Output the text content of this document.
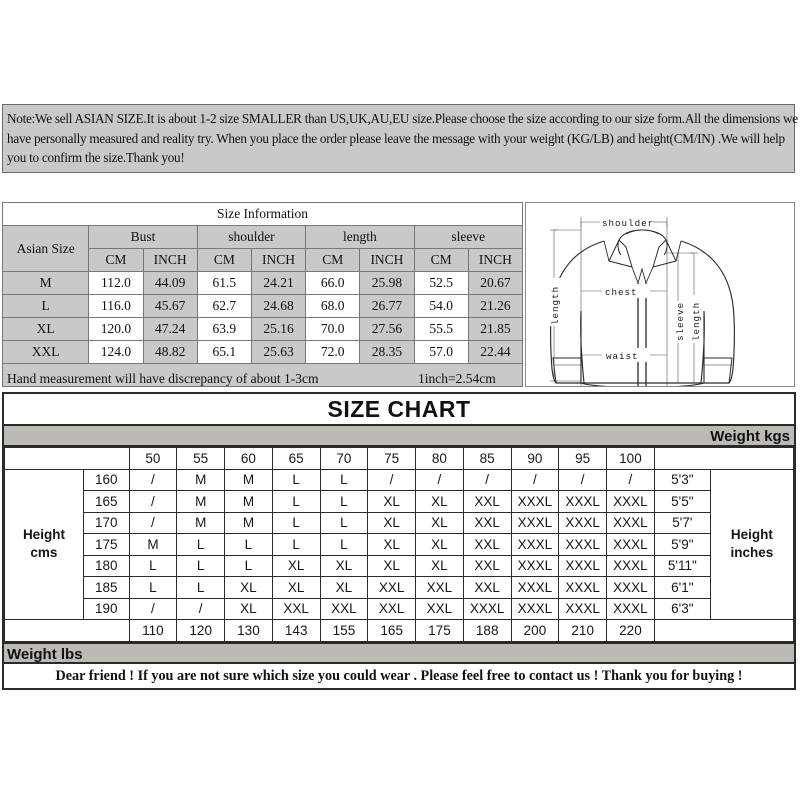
Note:We sell ASIAN SIZE.It is about 1-2 size SMALLER than US,UK,AU,EU size.Please choose the size according to our size form.All the dimensions we
have personally measured and reality try. When you place the order please leave the message with your weight (KG/LB) and height(CM/IN) .We will help
you to confirm the size.Thank you!
Size Information								
Asian Size	Bust		shoulder		length		sleeve	
	CM	INCH	CM	INCH	CM	INCH	CM	INCH
M	112.0	44.09	61.5	24.21	66.0	25.98	52.5	20.67
L	116.0	45.67	62.7	24.68	68.0	26.77	54.0	21.26
XL	120.0	47.24	63.9	25.16	70.0	27.56	55.5	21.85
XXL	124.0	48.82	65.1	25.63	72.0	28.35	57.0	22.44

Hand measurement will have discrepancy of about 1-3cm 1inch=2.54cm								
shoulder
chest
waist
length	sleeve length
SIZE CHART
Weight kgs
		50	55	60	65	70	75	80	85	90	95	100		

Height
cms
	160	/	M	M	L	L	/	/	/	/	/	/	5'3"	
Height
inches

	165	/	M	M	L	L	XL	XL	XXL	XXXL	XXXL	XXXL	5'5"	
	170	/	M	M	L	L	XL	XL	XXL	XXXL	XXXL	XXXL	5'7'	
	175	M	L	L	L	L	XL	XL	XXL	XXXL	XXXL	XXXL	5'9"	
	180	L	L	L	XL	XL	XL	XL	XXL	XXXL	XXXL	XXXL	5'11"	
	185	L	L	XL	XL	XL	XXL	XXL	XXL	XXXL	XXXL	XXXL	6'1"	
	190	/	/	XL	XXL	XXL	XXL	XXL	XXXL	XXXL	XXXL	XXXL	6'3"	
		110	120	130	143	155	165	175	188	200	210	220		
Weight lbs
Dear friend ! If you are not sure which size you could wear . Please feel free to contact us ! Thank you for buying !
